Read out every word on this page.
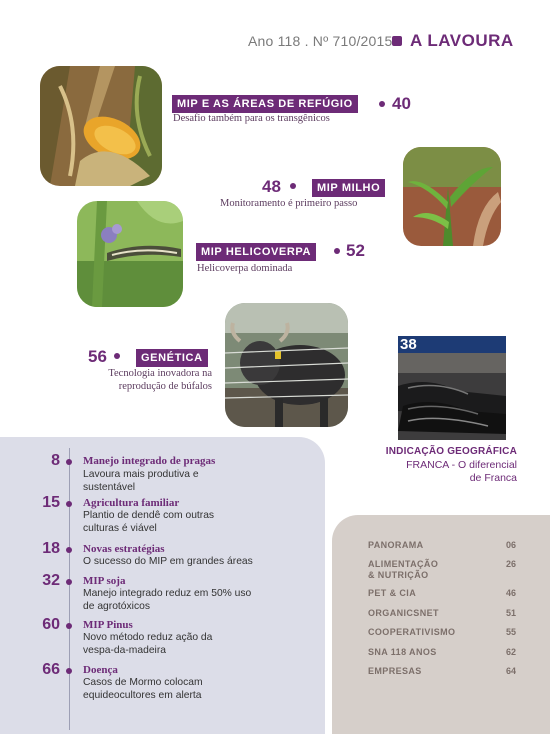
Ano 118 . Nº 710/2015 A LAVOURA
MIP E AS ÁREAS DE REFÚGIO 40
Desafio também para os transgênicos
48	MIP MILHO
Monitoramento é primeiro passo
MIP HELICOVERPA 52
Helicoverpa dominada
56	GENÉTICA
Tecnologia inovadora na
reprodução de búfalos
38
INDICAÇÃO GEOGRÁFICA
FRANCA - O diferencial
de Franca
8 Manejo integrado de pragas
Lavoura mais produtiva e sustentável
15 Agricultura familiar
Plantio de dendê com outras culturas é viável
18 Novas estratégias
O sucesso do MIP em grandes áreas
32 MIP soja
Manejo integrado reduz em 50% uso de agrotóxicos
60 MIP Pinus
Novo método reduz ação da vespa-da-madeira
66 Doença
Casos de Mormo colocam equideocultores em alerta
PANORAMA	06
ALIMENTAÇÃO
& NUTRIÇÃO
26
PET & CIA	46
ORGANICSNET	51
COOPERATIVISMO	55
SNA 118 ANOS	62
EMPRESAS	64
